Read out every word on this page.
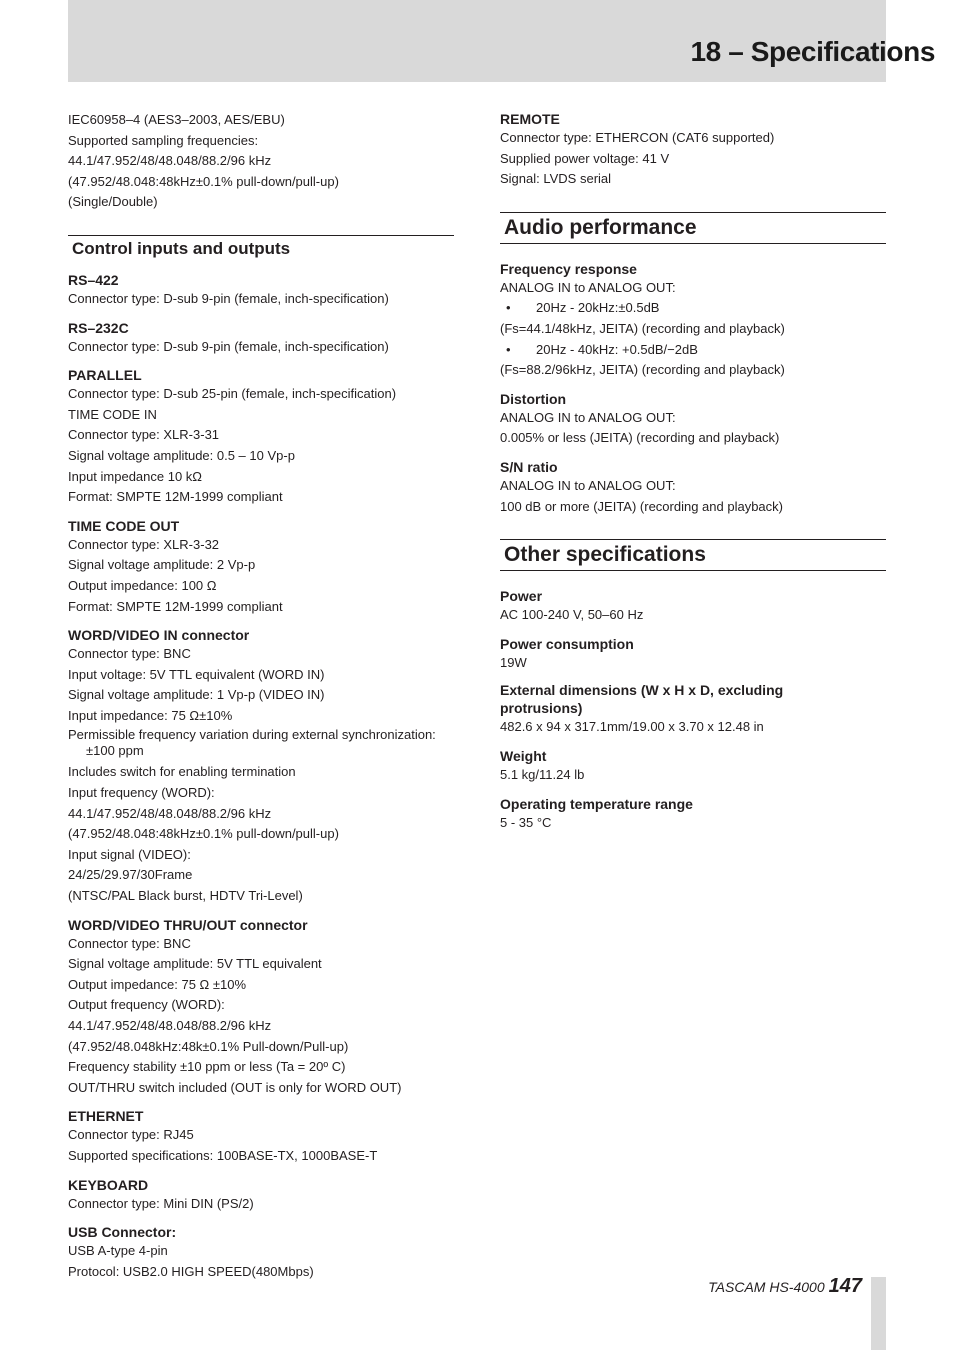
18 – Specifications

IEC60958–4 (AES3–2003, AES/EBU)

Supported sampling frequencies:

44.1/47.952/48/48.048/88.2/96 kHz

(47.952/48.048:48kHz±0.1% pull-down/pull-up)

(Single/Double)

Control inputs and outputs
RS–422

Connector type: D-sub 9-pin (female, inch-specification)

RS–232C

Connector type: D-sub 9-pin (female, inch-specification)

PARALLEL

Connector type: D-sub 25-pin (female, inch-specification)

TIME CODE IN

Connector type: XLR-3-31

Signal voltage amplitude: 0.5 – 10 Vp-p

Input impedance 10 kΩ

Format: SMPTE 12M-1999 compliant

TIME CODE OUT

Connector type: XLR-3-32

Signal voltage amplitude: 2 Vp-p

Output impedance: 100 Ω

Format: SMPTE 12M-1999 compliant

WORD/VIDEO IN connector

Connector type: BNC

Input voltage: 5V TTL equivalent (WORD IN)

Signal voltage amplitude: 1 Vp-p (VIDEO IN)

Input impedance: 75 Ω±10%

Permissible frequency variation during external synchronization: ±100 ppm

Includes switch for enabling termination

Input frequency (WORD):

44.1/47.952/48/48.048/88.2/96 kHz

(47.952/48.048:48kHz±0.1% pull-down/pull-up)

Input signal (VIDEO):

24/25/29.97/30Frame

(NTSC/PAL Black burst, HDTV Tri-Level)

WORD/VIDEO THRU/OUT connector

Connector type: BNC

Signal voltage amplitude: 5V TTL equivalent

Output impedance: 75 Ω ±10%

Output frequency (WORD):

44.1/47.952/48/48.048/88.2/96 kHz

(47.952/48.048kHz:48k±0.1% Pull-down/Pull-up)

Frequency stability ±10 ppm or less (Ta = 20º C)

OUT/THRU switch included (OUT is only for WORD OUT)

ETHERNET

Connector type: RJ45

Supported specifications: 100BASE-TX, 1000BASE-T

KEYBOARD

Connector type: Mini DIN (PS/2)

USB Connector:

USB A-type 4-pin

Protocol: USB2.0 HIGH SPEED(480Mbps)

REMOTE

Connector type: ETHERCON (CAT6 supported)

Supplied power voltage: 41 V

Signal: LVDS serial

Audio performance
Frequency response

ANALOG IN to ANALOG OUT:

•	20Hz - 20kHz:±0.5dB

(Fs=44.1/48kHz, JEITA) (recording and playback)

•	20Hz - 40kHz: +0.5dB/−2dB

(Fs=88.2/96kHz, JEITA) (recording and playback)

Distortion

ANALOG IN to ANALOG OUT:

0.005% or less (JEITA) (recording and playback)

S/N ratio

ANALOG IN to ANALOG OUT:

100 dB or more (JEITA) (recording and playback)

Other specifications
Power

AC 100-240 V, 50–60 Hz

Power consumption

19W

External dimensions (W x H x D, excluding
protrusions)

482.6 x 94 x 317.1mm/19.00 x 3.70 x 12.48 in

Weight

5.1 kg/11.24 lb

Operating temperature range

5 - 35 °C

TASCAM HS-4000 147
